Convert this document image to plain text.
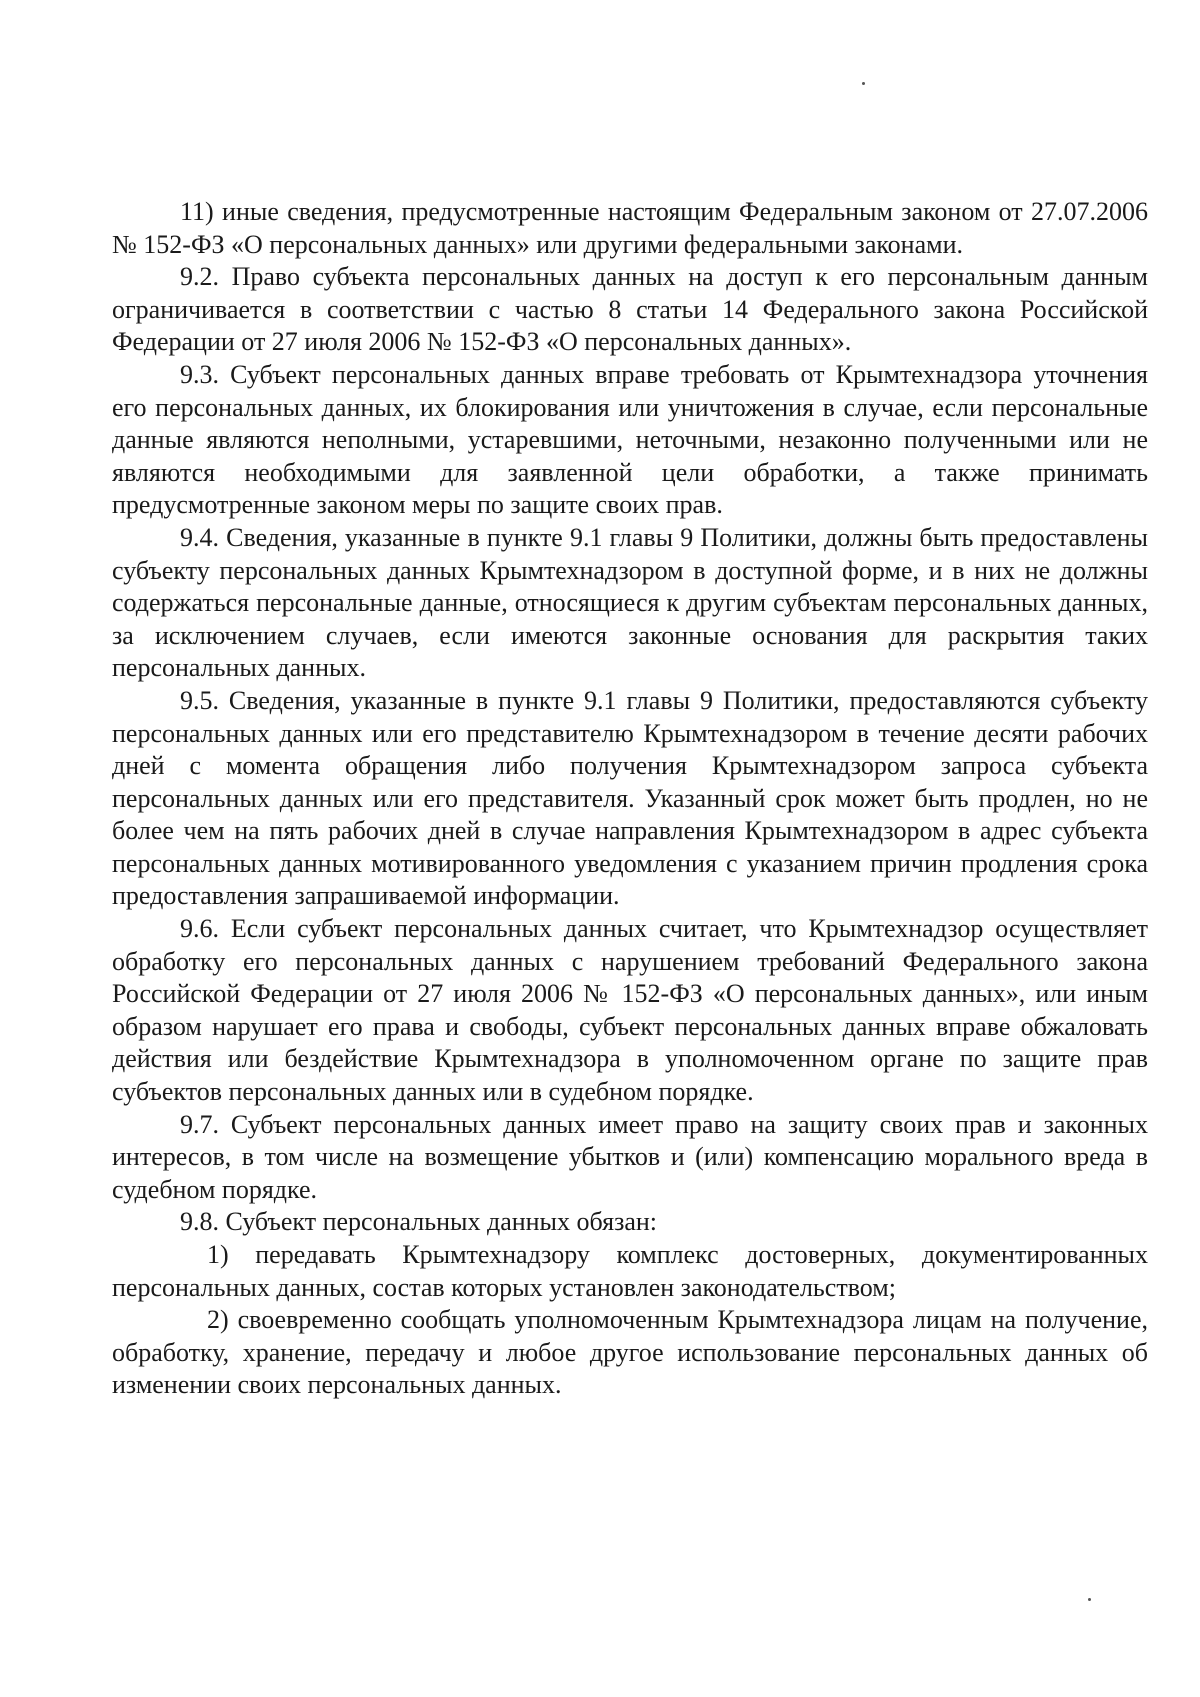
11) иные сведения, предусмотренные настоящим Федеральным законом от 27.07.2006 № 152-ФЗ «О персональных данных» или другими федеральными законами.

9.2. Право субъекта персональных данных на доступ к его персональным данным ограничивается в соответствии с частью 8 статьи 14 Федерального закона Российской Федерации от 27 июля 2006 № 152-ФЗ «О персональных данных».

9.3. Субъект персональных данных вправе требовать от Крымтехнадзора уточнения его персональных данных, их блокирования или уничтожения в случае, если персональные данные являются неполными, устаревшими, неточными, незаконно полученными или не являются необходимыми для заявленной цели обработки, а также принимать предусмотренные законом меры по защите своих прав.

9.4. Сведения, указанные в пункте 9.1 главы 9 Политики, должны быть предоставлены субъекту персональных данных Крымтехнадзором в доступной форме, и в них не должны содержаться персональные данные, относящиеся к другим субъектам персональных данных, за исключением случаев, если имеются законные основания для раскрытия таких персональных данных.

9.5. Сведения, указанные в пункте 9.1 главы 9 Политики, предоставляются субъекту персональных данных или его представителю Крымтехнадзором в течение десяти рабочих дней с момента обращения либо получения Крымтехнадзором запроса субъекта персональных данных или его представителя. Указанный срок может быть продлен, но не более чем на пять рабочих дней в случае направления Крымтехнадзором в адрес субъекта персональных данных мотивированного уведомления с указанием причин продления срока предоставления запрашиваемой информации.

9.6. Если субъект персональных данных считает, что Крымтехнадзор осуществляет обработку его персональных данных с нарушением требований Федерального закона Российской Федерации от 27 июля 2006 № 152-ФЗ «О персональных данных», или иным образом нарушает его права и свободы, субъект персональных данных вправе обжаловать действия или бездействие Крымтехнадзора в уполномоченном органе по защите прав субъектов персональных данных или в судебном порядке.

9.7. Субъект персональных данных имеет право на защиту своих прав и законных интересов, в том числе на возмещение убытков и (или) компенсацию морального вреда в судебном порядке.

9.8. Субъект персональных данных обязан:

1) передавать Крымтехнадзору комплекс достоверных, документированных персональных данных, состав которых установлен законодательством;

2) своевременно сообщать уполномоченным Крымтехнадзора лицам на получение, обработку, хранение, передачу и любое другое использование персональных данных об изменении своих персональных данных.
